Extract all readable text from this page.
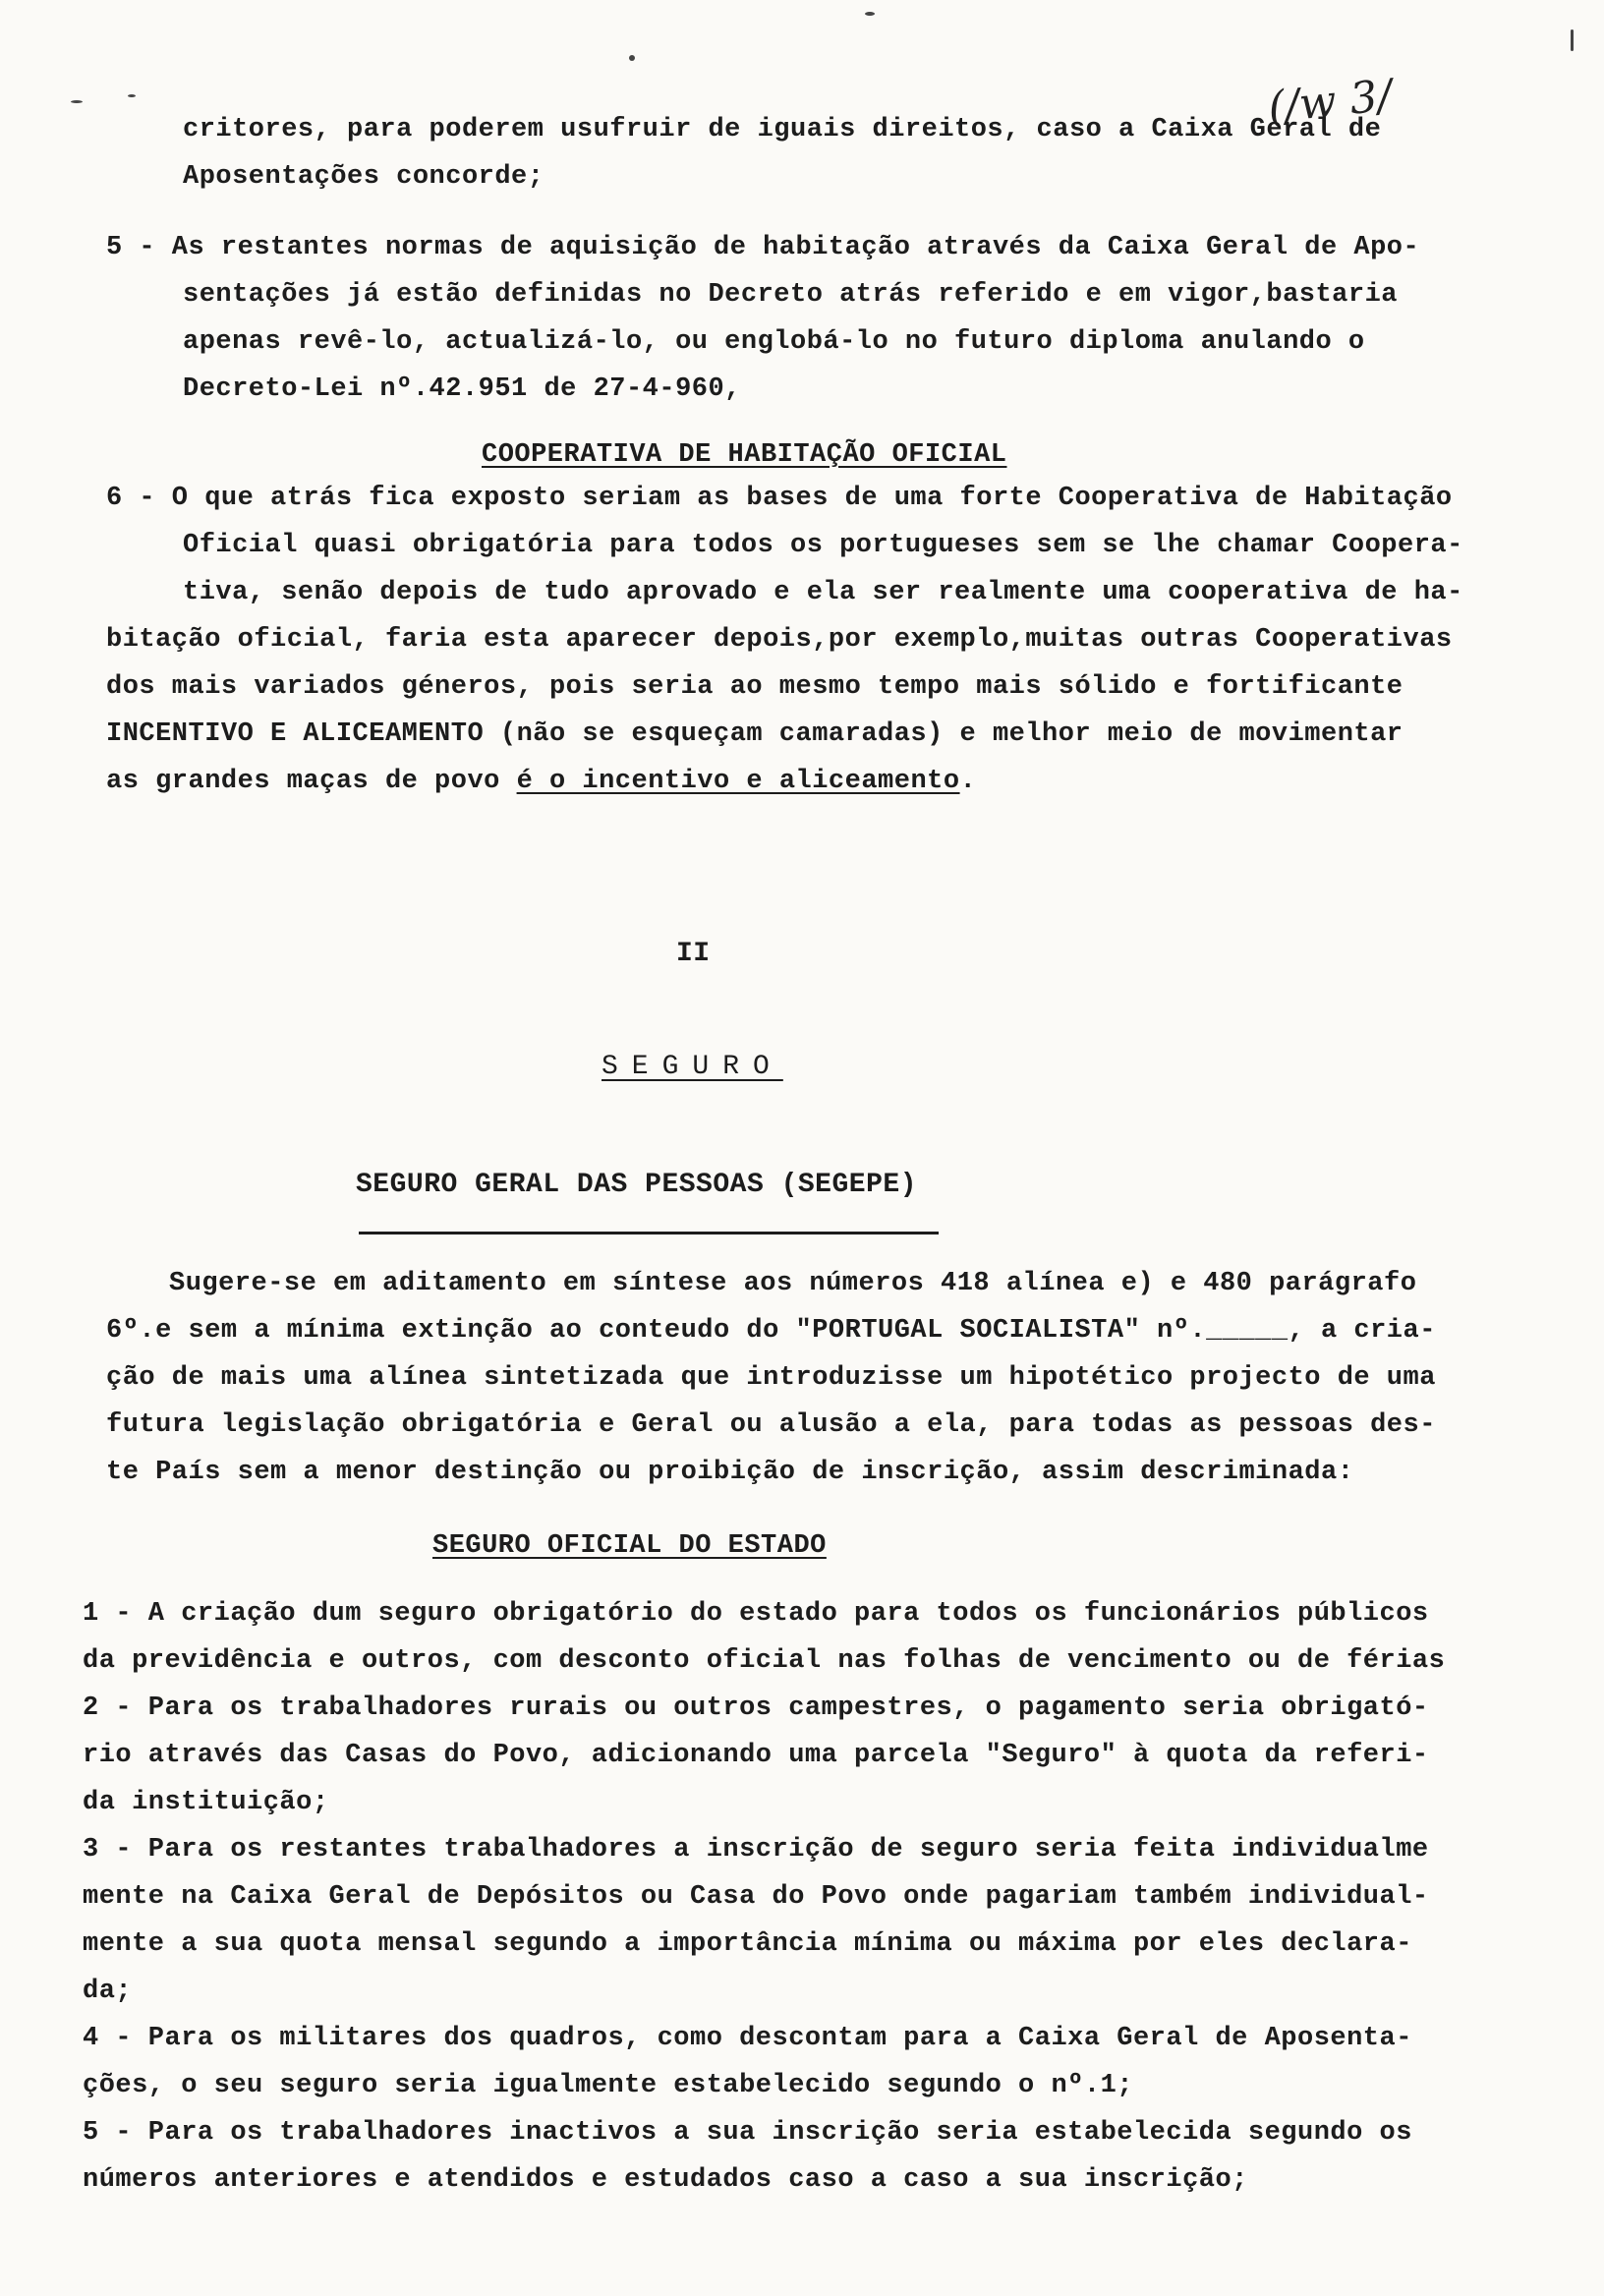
(/w 3/
critores, para poderem usufruir de iguais direitos, caso a Caixa Geral de
Aposentações concorde;
5 - As restantes normas de aquisição de habitação através da Caixa Geral de Apo-
sentações já estão definidas no Decreto atrás referido e em vigor,bastaria
apenas revê-lo, actualizá-lo, ou englobá-lo no futuro diploma anulando o
Decreto-Lei nº.42.951 de 27-4-960,
COOPERATIVA DE HABITAÇÃO OFICIAL
6 - O que atrás fica exposto seriam as bases de uma forte Cooperativa de Habitação
Oficial quasi obrigatória para todos os portugueses sem se lhe chamar Coopera-
tiva, senão depois de tudo aprovado e ela ser realmente uma cooperativa de ha-
bitação oficial, faria esta aparecer depois,por exemplo,muitas outras Cooperativas
dos mais variados géneros, pois seria ao mesmo tempo mais sólido e fortificante
INCENTIVO E ALICEAMENTO (não se esqueçam camaradas) e melhor meio de movimentar
as grandes maças de povo é o incentivo e aliceamento.
II
SEGURO
SEGURO GERAL DAS PESSOAS (SEGEPE)
Sugere-se em aditamento em síntese aos números 418 alínea e) e 480 parágrafo
6º.e sem a mínima extinção ao conteudo do "PORTUGAL SOCIALISTA" nº._____, a cria-
ção de mais uma alínea sintetizada que introduzisse um hipotético projecto de uma
futura legislação obrigatória e Geral ou alusão a ela, para todas as pessoas des-
te País sem a menor destinção ou proibição de inscrição, assim descriminada:
SEGURO OFICIAL DO ESTADO
1 - A criação dum seguro obrigatório do estado para todos os funcionários públicos
da previdência e outros, com desconto oficial nas folhas de vencimento ou de férias
2 - Para os trabalhadores rurais ou outros campestres, o pagamento seria obrigató-
rio através das Casas do Povo, adicionando uma parcela "Seguro" à quota da referi-
da instituição;
3 - Para os restantes trabalhadores a inscrição de seguro seria feita individualme
mente na Caixa Geral de Depósitos ou Casa do Povo onde pagariam também individual-
mente a sua quota mensal segundo a importância mínima ou máxima por eles declara-
da;
4 - Para os militares dos quadros, como descontam para a Caixa Geral de Aposenta-
ções, o seu seguro seria igualmente estabelecido segundo o nº.1;
5 - Para os trabalhadores inactivos a sua inscrição seria estabelecida segundo os
números anteriores e atendidos e estudados caso a caso a sua inscrição;
